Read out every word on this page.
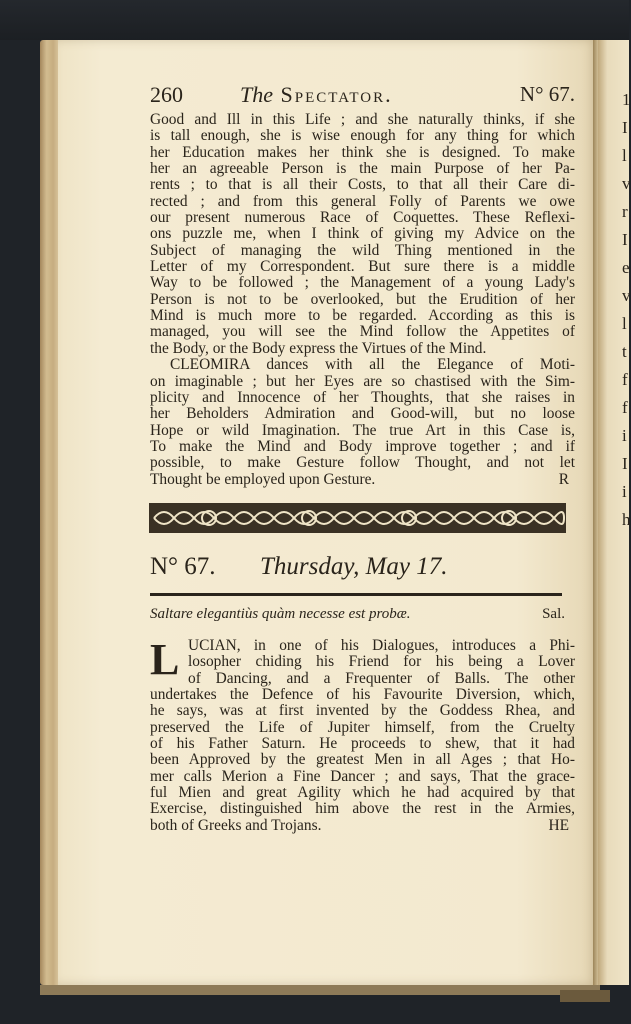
1
I
l
v
r
I
e
v
l
t
f
f
i
I
i
h
260	The Spectator.	N° 67.

Good and Ill in this Life ; and she naturally thinks, if she
is tall enough, she is wise enough for any thing for which
her Education makes her think she is designed. To make
her an agreeable Person is the main Purpose of her Pa-
rents ; to that is all their Costs, to that all their Care di-
rected ; and from this general Folly of Parents we owe
our present numerous Race of Coquettes. These Reflexi-
ons puzzle me, when I think of giving my Advice on the
Subject of managing the wild Thing mentioned in the
Letter of my Correspondent. But sure there is a middle
Way to be followed ; the Management of a young Lady's
Person is not to be overlooked, but the Erudition of her
Mind is much more to be regarded. According as this is
managed, you will see the Mind follow the Appetites of
the Body, or the Body express the Virtues of the Mind.

CLEOMIRA dances with all the Elegance of Moti-
on imaginable ; but her Eyes are so chastised with the Sim-
plicity and Innocence of her Thoughts, that she raises in
her Beholders Admiration and Good-will, but no loose
Hope or wild Imagination. The true Art in this Case is,
To make the Mind and Body improve together ; and if
possible, to make Gesture follow Thought, and not let
Thought be employed upon Gesture.	R

N° 67. Thursday, May 17.
Saltare elegantiùs quàm necesse est probæ.	Sal.
L UCIAN, in one of his Dialogues, introduces a Phi-
losopher chiding his Friend for his being a Lover
of Dancing, and a Frequenter of Balls. The other
undertakes the Defence of his Favourite Diversion, which,
he says, was at first invented by the Goddess Rhea, and
preserved the Life of Jupiter himself, from the Cruelty
of his Father Saturn. He proceeds to shew, that it had
been Approved by the greatest Men in all Ages ; that Ho-
mer calls Merion a Fine Dancer ; and says, That the grace-
ful Mien and great Agility which he had acquired by that
Exercise, distinguished him above the rest in the Armies,
both of Greeks and Trojans.	HE
